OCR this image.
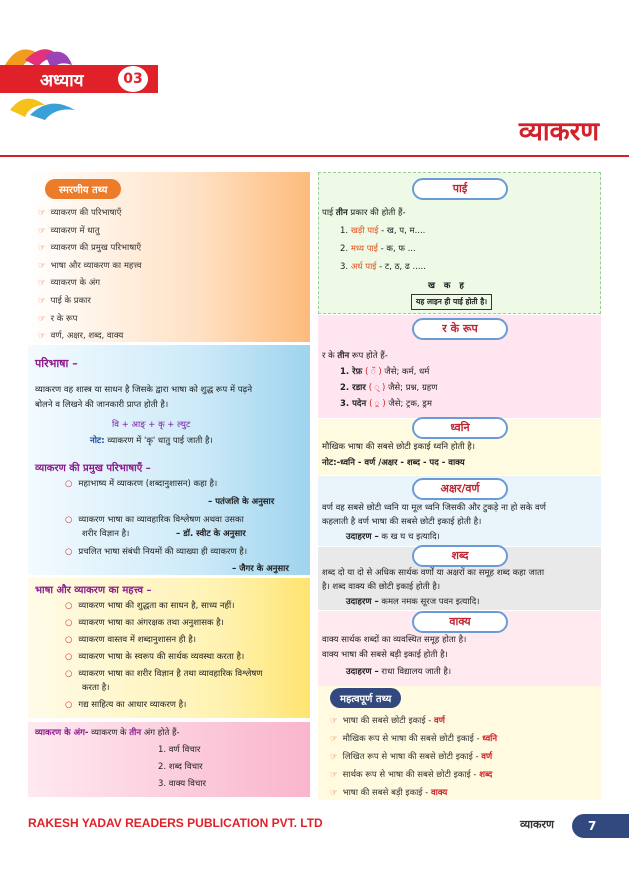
अध्याय	03
व्याकरण
स्मरणीय तथ्य
☞ व्याकरण की परिभाषाएँ
☞ व्याकरण में धातु
☞ व्याकरण की प्रमुख परिभाषाएँ
☞ भाषा और व्याकरण का महत्त्व
☞ व्याकरण के अंग
☞ पाई के प्रकार
☞ र के रूप
☞ वर्ण, अक्षर, शब्द, वाक्य
परिभाषा –
व्याकरण वह शास्त्र या साधन है जिसके द्वारा भाषा को शुद्ध रूप में पढ़ने
बोलने व लिखने की जानकारी प्राप्त होती है।
वि + आङ् + कृ + ल्युट
नोट: व्याकरण में 'कृ' धातु पाई जाती है।
व्याकरण की प्रमुख परिभाषाएँ –
○ महाभाष्य में व्याकरण (शब्दानुशासन) कहा है।
– पतंजलि के अनुसार
○ व्याकरण भाषा का व्यावहारिक विश्लेषण अथवा उसका
शरीर विज्ञान है।	– डॉ. स्वीट के अनुसार
○ प्रचलित भाषा संबंधी नियमों की व्याख्या ही व्याकरण है।
– जैगर के अनुसार
भाषा और व्याकरण का महत्त्व –
○ व्याकरण भाषा की शुद्धता का साधन है, साध्य नहीं।
○ व्याकरण भाषा का अंगरक्षक तथा अनुशासक है।
○ व्याकरण वास्तव में शब्दानुशासन ही है।
○ व्याकरण भाषा के स्वरूप की सार्थक व्यवस्था करता है।
○ व्याकरण भाषा का शरीर विज्ञान है तथा व्यावहारिक विश्लेषण
करता है।
○ गद्य साहित्य का आधार व्याकरण है।
व्याकरण के अंग- व्याकरण के तीन अंग होते हैं-
1. वर्ण विचार
2. शब्द विचार
3. वाक्य विचार
पाई
पाई तीन प्रकार की होती हैं-
1. खड़ी पाई - ख, प, म....
2. मध्य पाई - क, फ ...
3. अर्ध पाई - ट, ठ, ढ .....
ख क ह
यह लाइन ही पाई होती है।
र के रूप
र के तीन रूप होते हैं-
1. रेफ़ ( ॅ ) जैसे; कर्म, धर्म
2. रडार ( ् ) जैसे; प्रश्न, ग्रहण
3. पदेन ( ्र ) जैसे; ट्रक, ड्रम
ध्वनि
मौखिक भाषा की सबसे छोटी इकाई ध्वनि होती है।
नोट:-ध्वनि - वर्ण /अक्षर - शब्द - पद - वाक्य
अक्षर/वर्ण
वर्ण वह सबसे छोटी ध्वनि या मूल ध्वनि जिसकी और टुकड़े ना हो सके वर्ण
कहलाती है वर्ण भाषा की सबसे छोटी इकाई होती है।
उदाहरण – क ख घ च इत्यादि।
शब्द
शब्द दो या दो से अधिक सार्थक वर्णों या अक्षरों का समूह शब्द कहा जाता
है। शब्द वाक्य की छोटी इकाई होती है।
उदाहरण – कमल नमक सूरज पवन इत्यादि।
वाक्य
वाक्य सार्थक शब्दों का व्यवस्थित समूह होता है।
वाक्य भाषा की सबसे बड़ी इकाई होती है।
उदाहरण – राधा विद्यालय जाती है।
महत्वपूर्ण तथ्य
☞ भाषा की सबसे छोटी इकाई - वर्ण
☞ मौखिक रूप से भाषा की सबसे छोटी इकाई - ध्वनि
☞ लिखित रूप से भाषा की सबसे छोटी इकाई - वर्ण
☞ सार्थक रूप से भाषा की सबसे छोटी इकाई - शब्द
☞ भाषा की सबसे बड़ी इकाई - वाक्य
RAKESH YADAV READERS PUBLICATION PVT. LTD	व्याकरण	7
